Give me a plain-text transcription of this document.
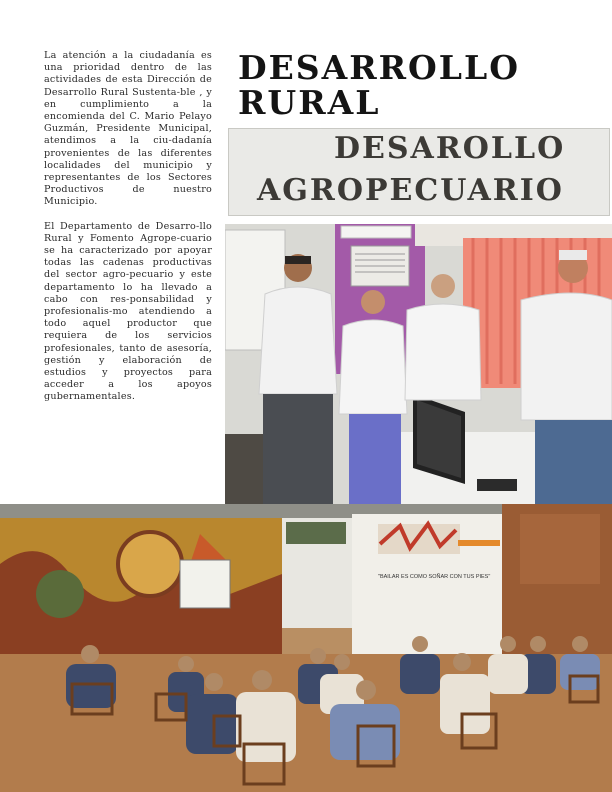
La atención a la ciudadanía es una prioridad dentro de las actividades de esta Dirección de Desarrollo Rural Sustenta-ble , y en cumplimiento a la encomienda del C. Mario Pelayo Guzmán, Presidente Municipal, atendimos a la ciu-dadanía provenientes de las diferentes localidades del municipio y representantes de los Sectores Productivos de nuestro Municipio.

El Departamento de Desarro-llo Rural y Fomento Agrope-cuario se ha caracterizado por apoyar todas las cadenas productivas del sector agro-pecuario y este departamento lo ha llevado a cabo con res-ponsabilidad y profesionalis-mo atendiendo a todo aquel productor que requiera de los servicios profesionales, tanto de asesoría, gestión y elaboración de estudios y proyectos para acceder a los apoyos gubernamentales.

DESARROLLO
RURAL
DESAROLLO
AGROPECUARIO
"BAILAR ES COMO SOÑAR CON TUS PIES"
